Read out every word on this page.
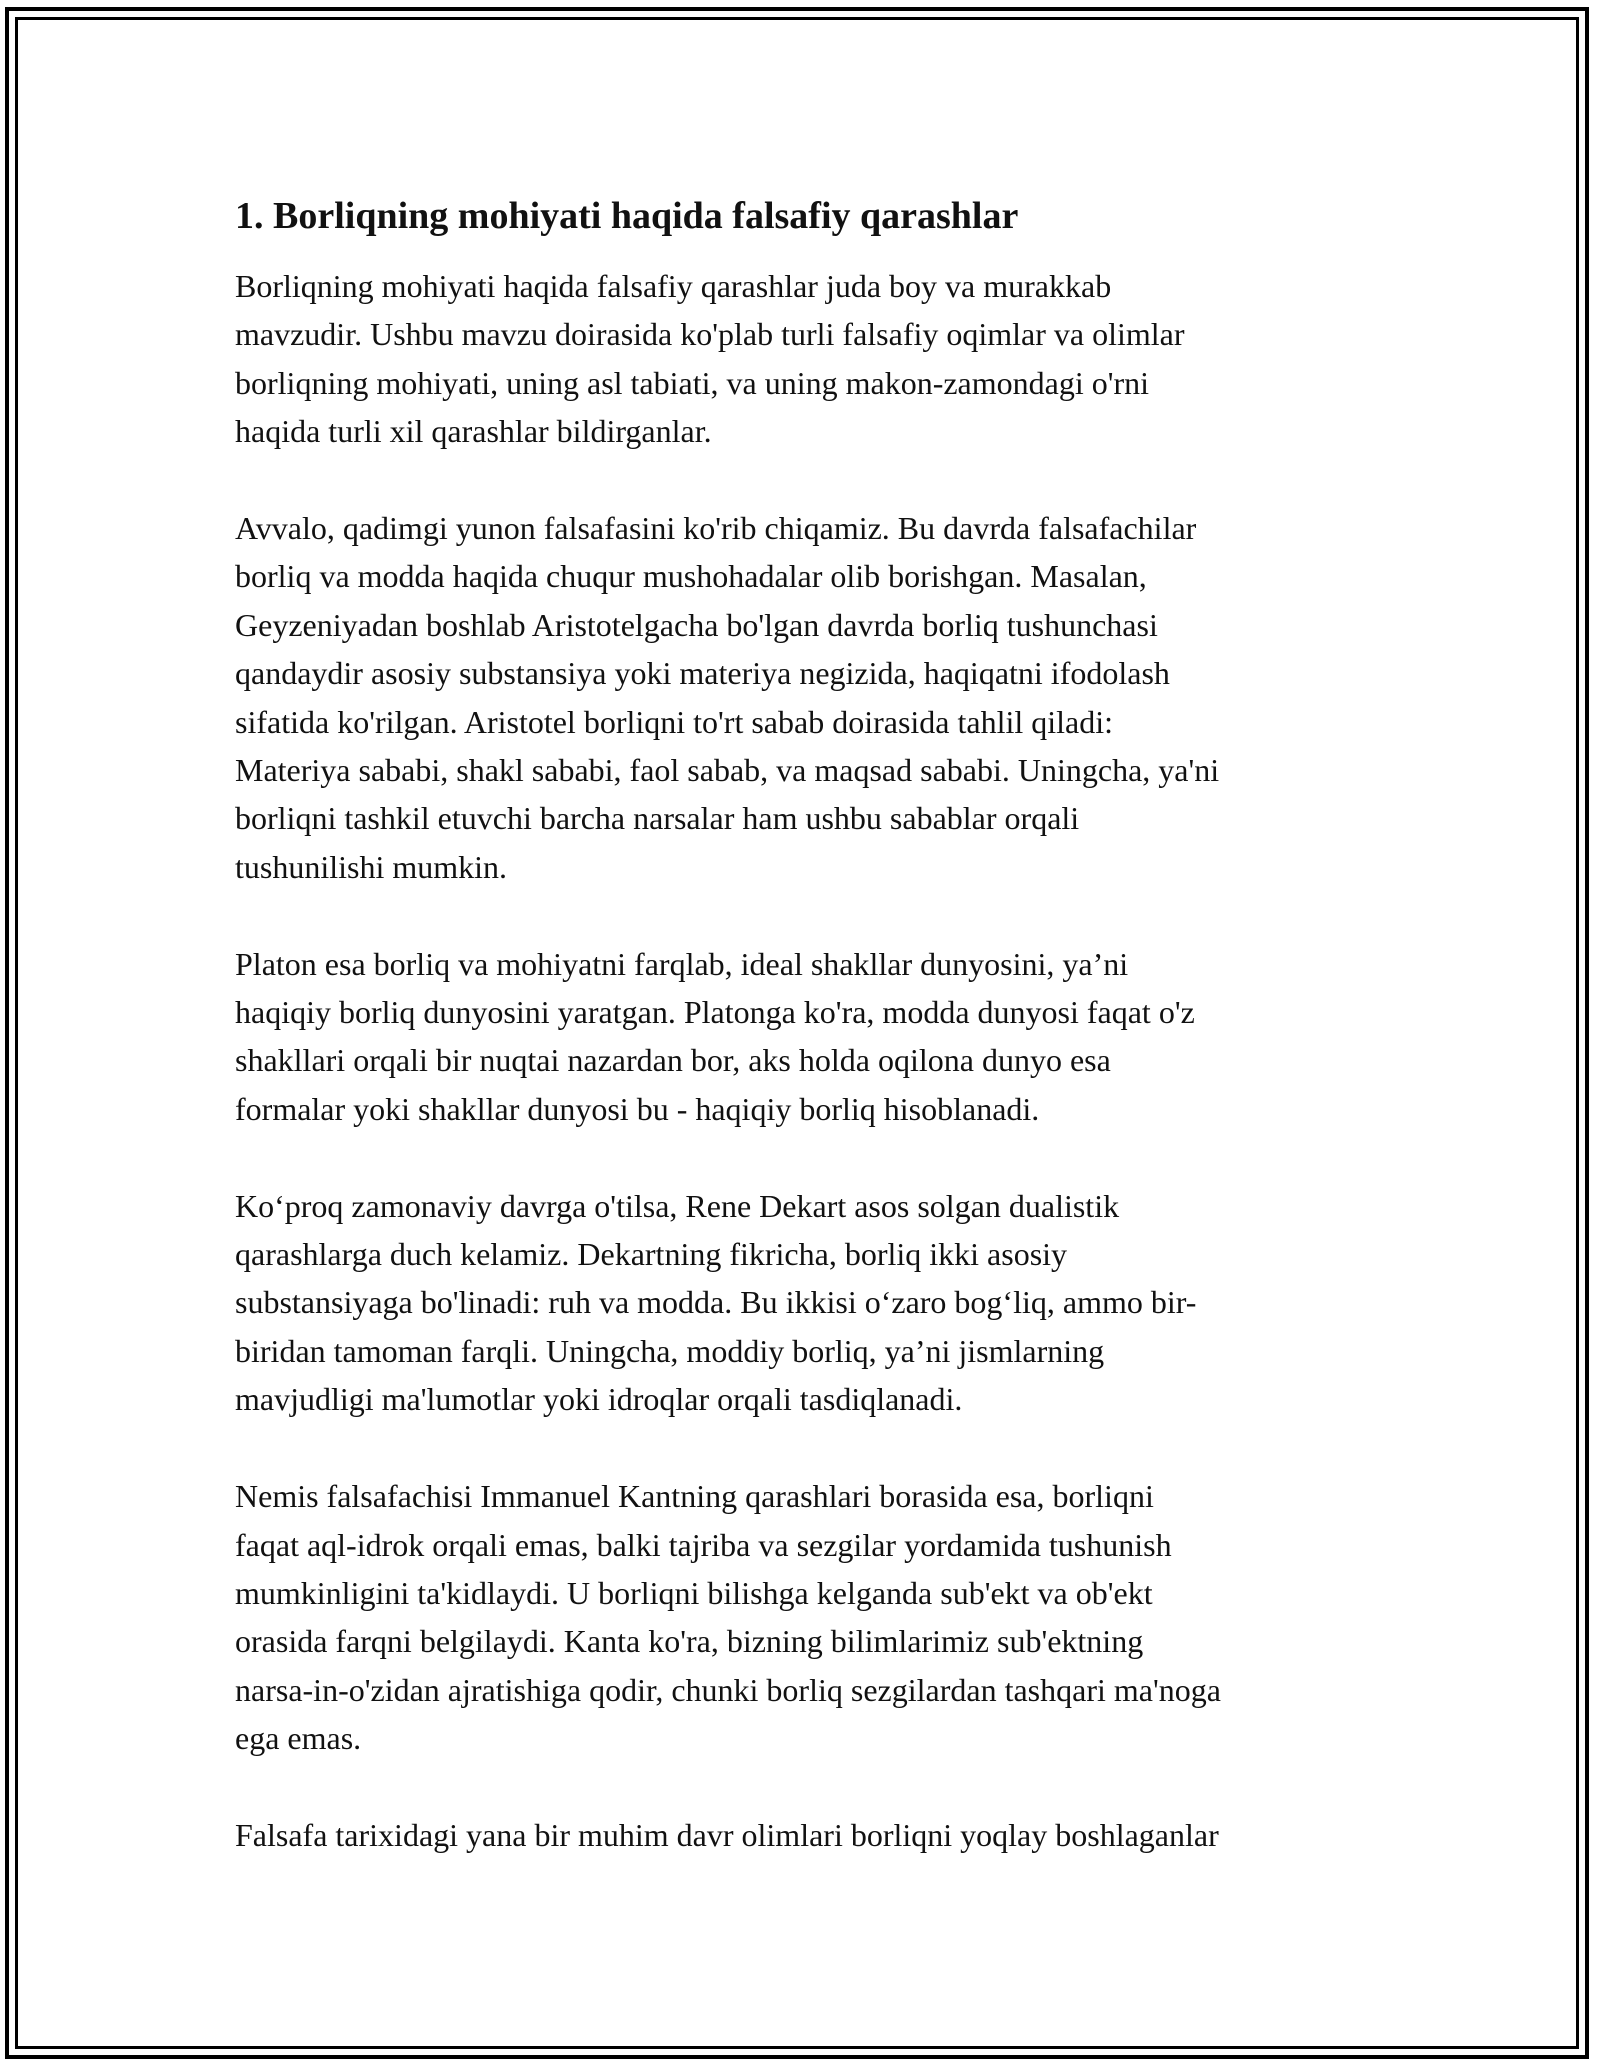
1. Borliqning mohiyati haqida falsafiy qarashlar
Borliqning mohiyati haqida falsafiy qarashlar juda boy va murakkab
mavzudir. Ushbu mavzu doirasida ko'plab turli falsafiy oqimlar va olimlar
borliqning mohiyati, uning asl tabiati, va uning makon-zamondagi o'rni
haqida turli xil qarashlar bildirganlar.
Avvalo, qadimgi yunon falsafasini ko'rib chiqamiz. Bu davrda falsafachilar
borliq va modda haqida chuqur mushohadalar olib borishgan. Masalan,
Geyzeniyadan boshlab Aristotelgacha bo'lgan davrda borliq tushunchasi
qandaydir asosiy substansiya yoki materiya negizida, haqiqatni ifodolash
sifatida ko'rilgan. Aristotel borliqni to'rt sabab doirasida tahlil qiladi:
Materiya sababi, shakl sababi, faol sabab, va maqsad sababi. Uningcha, ya'ni
borliqni tashkil etuvchi barcha narsalar ham ushbu sabablar orqali
tushunilishi mumkin.
Platon esa borliq va mohiyatni farqlab, ideal shakllar dunyosini, ya’ni
haqiqiy borliq dunyosini yaratgan. Platonga ko'ra, modda dunyosi faqat o'z
shakllari orqali bir nuqtai nazardan bor, aks holda oqilona dunyo esa
formalar yoki shakllar dunyosi bu - haqiqiy borliq hisoblanadi.
Ko‘proq zamonaviy davrga o'tilsa, Rene Dekart asos solgan dualistik
qarashlarga duch kelamiz. Dekartning fikricha, borliq ikki asosiy
substansiyaga bo'linadi: ruh va modda. Bu ikkisi o‘zaro bog‘liq, ammo bir-
biridan tamoman farqli. Uningcha, moddiy borliq, ya’ni jismlarning
mavjudligi ma'lumotlar yoki idroqlar orqali tasdiqlanadi.
Nemis falsafachisi Immanuel Kantning qarashlari borasida esa, borliqni
faqat aql-idrok orqali emas, balki tajriba va sezgilar yordamida tushunish
mumkinligini ta'kidlaydi. U borliqni bilishga kelganda sub'ekt va ob'ekt
orasida farqni belgilaydi. Kanta ko'ra, bizning bilimlarimiz sub'ektning
narsa-in-o'zidan ajratishiga qodir, chunki borliq sezgilardan tashqari ma'noga
ega emas.
Falsafa tarixidagi yana bir muhim davr olimlari borliqni yoqlay boshlaganlar
